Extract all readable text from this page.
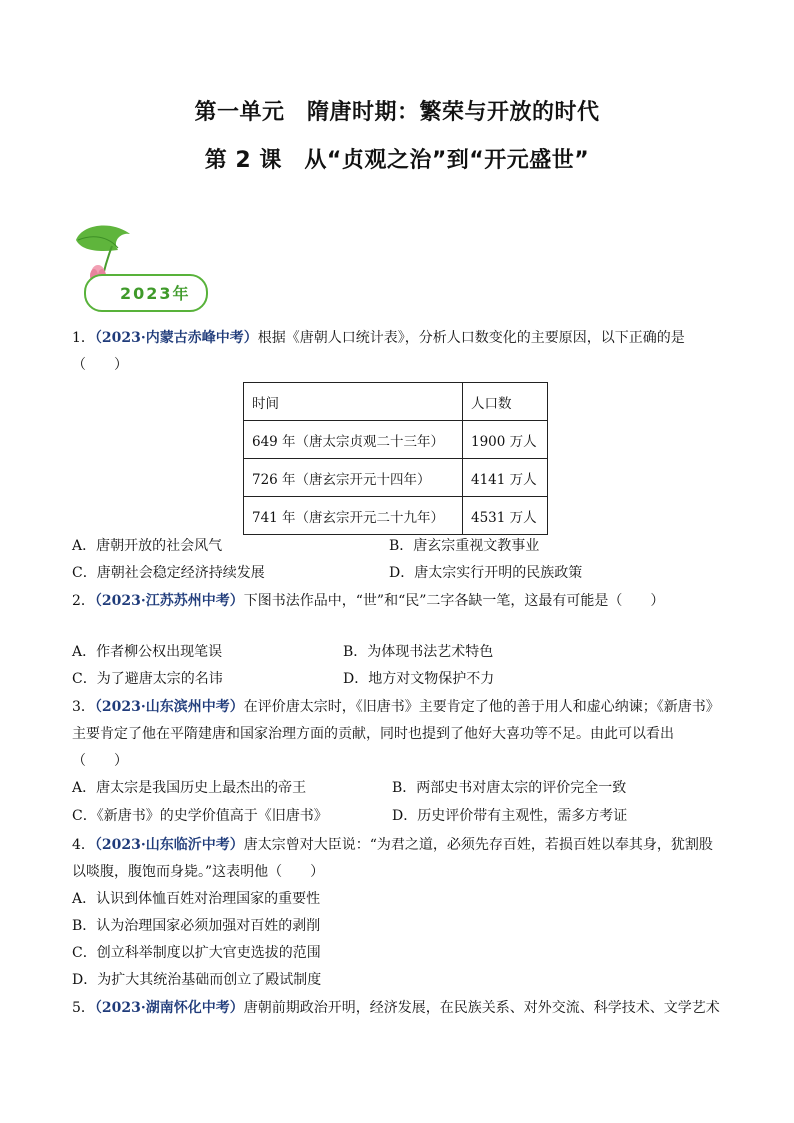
第一单元　隋唐时期：繁荣与开放的时代
第 2 课　从“贞观之治”到“开元盛世”
2023年
1．（2023·内蒙古赤峰中考）根据《唐朝人口统计表》，分析人口数变化的主要原因，以下正确的是
（　　）
时间	人口数
649 年（唐太宗贞观二十三年）	1900 万人
726 年（唐玄宗开元十四年）	4141 万人
741 年（唐玄宗开元二十九年）	4531 万人
A．唐朝开放的社会风气	B．唐玄宗重视文教事业
C．唐朝社会稳定经济持续发展	D．唐太宗实行开明的民族政策
2．（2023·江苏苏州中考）下图书法作品中，“世”和“民”二字各缺一笔，这最有可能是（　　）
A．作者柳公权出现笔误	B．为体现书法艺术特色
C．为了避唐太宗的名讳	D．地方对文物保护不力
3．（2023·山东滨州中考）在评价唐太宗时，《旧唐书》主要肯定了他的善于用人和虚心纳谏；《新唐书》
主要肯定了他在平隋建唐和国家治理方面的贡献，同时也提到了他好大喜功等不足。由此可以看出
（　　）
A．唐太宗是我国历史上最杰出的帝王	B．两部史书对唐太宗的评价完全一致
C．《新唐书》的史学价值高于《旧唐书》	D．历史评价带有主观性，需多方考证
4．（2023·山东临沂中考）唐太宗曾对大臣说：“为君之道，必须先存百姓，若损百姓以奉其身，犹割股
以啖腹，腹饱而身毙。”这表明他（　　）
A．认识到体恤百姓对治理国家的重要性
B．认为治理国家必须加强对百姓的剥削
C．创立科举制度以扩大官吏选拔的范围
D．为扩大其统治基础而创立了殿试制度
5．（2023·湖南怀化中考）唐朝前期政治开明，经济发展，在民族关系、对外交流、科学技术、文学艺术
